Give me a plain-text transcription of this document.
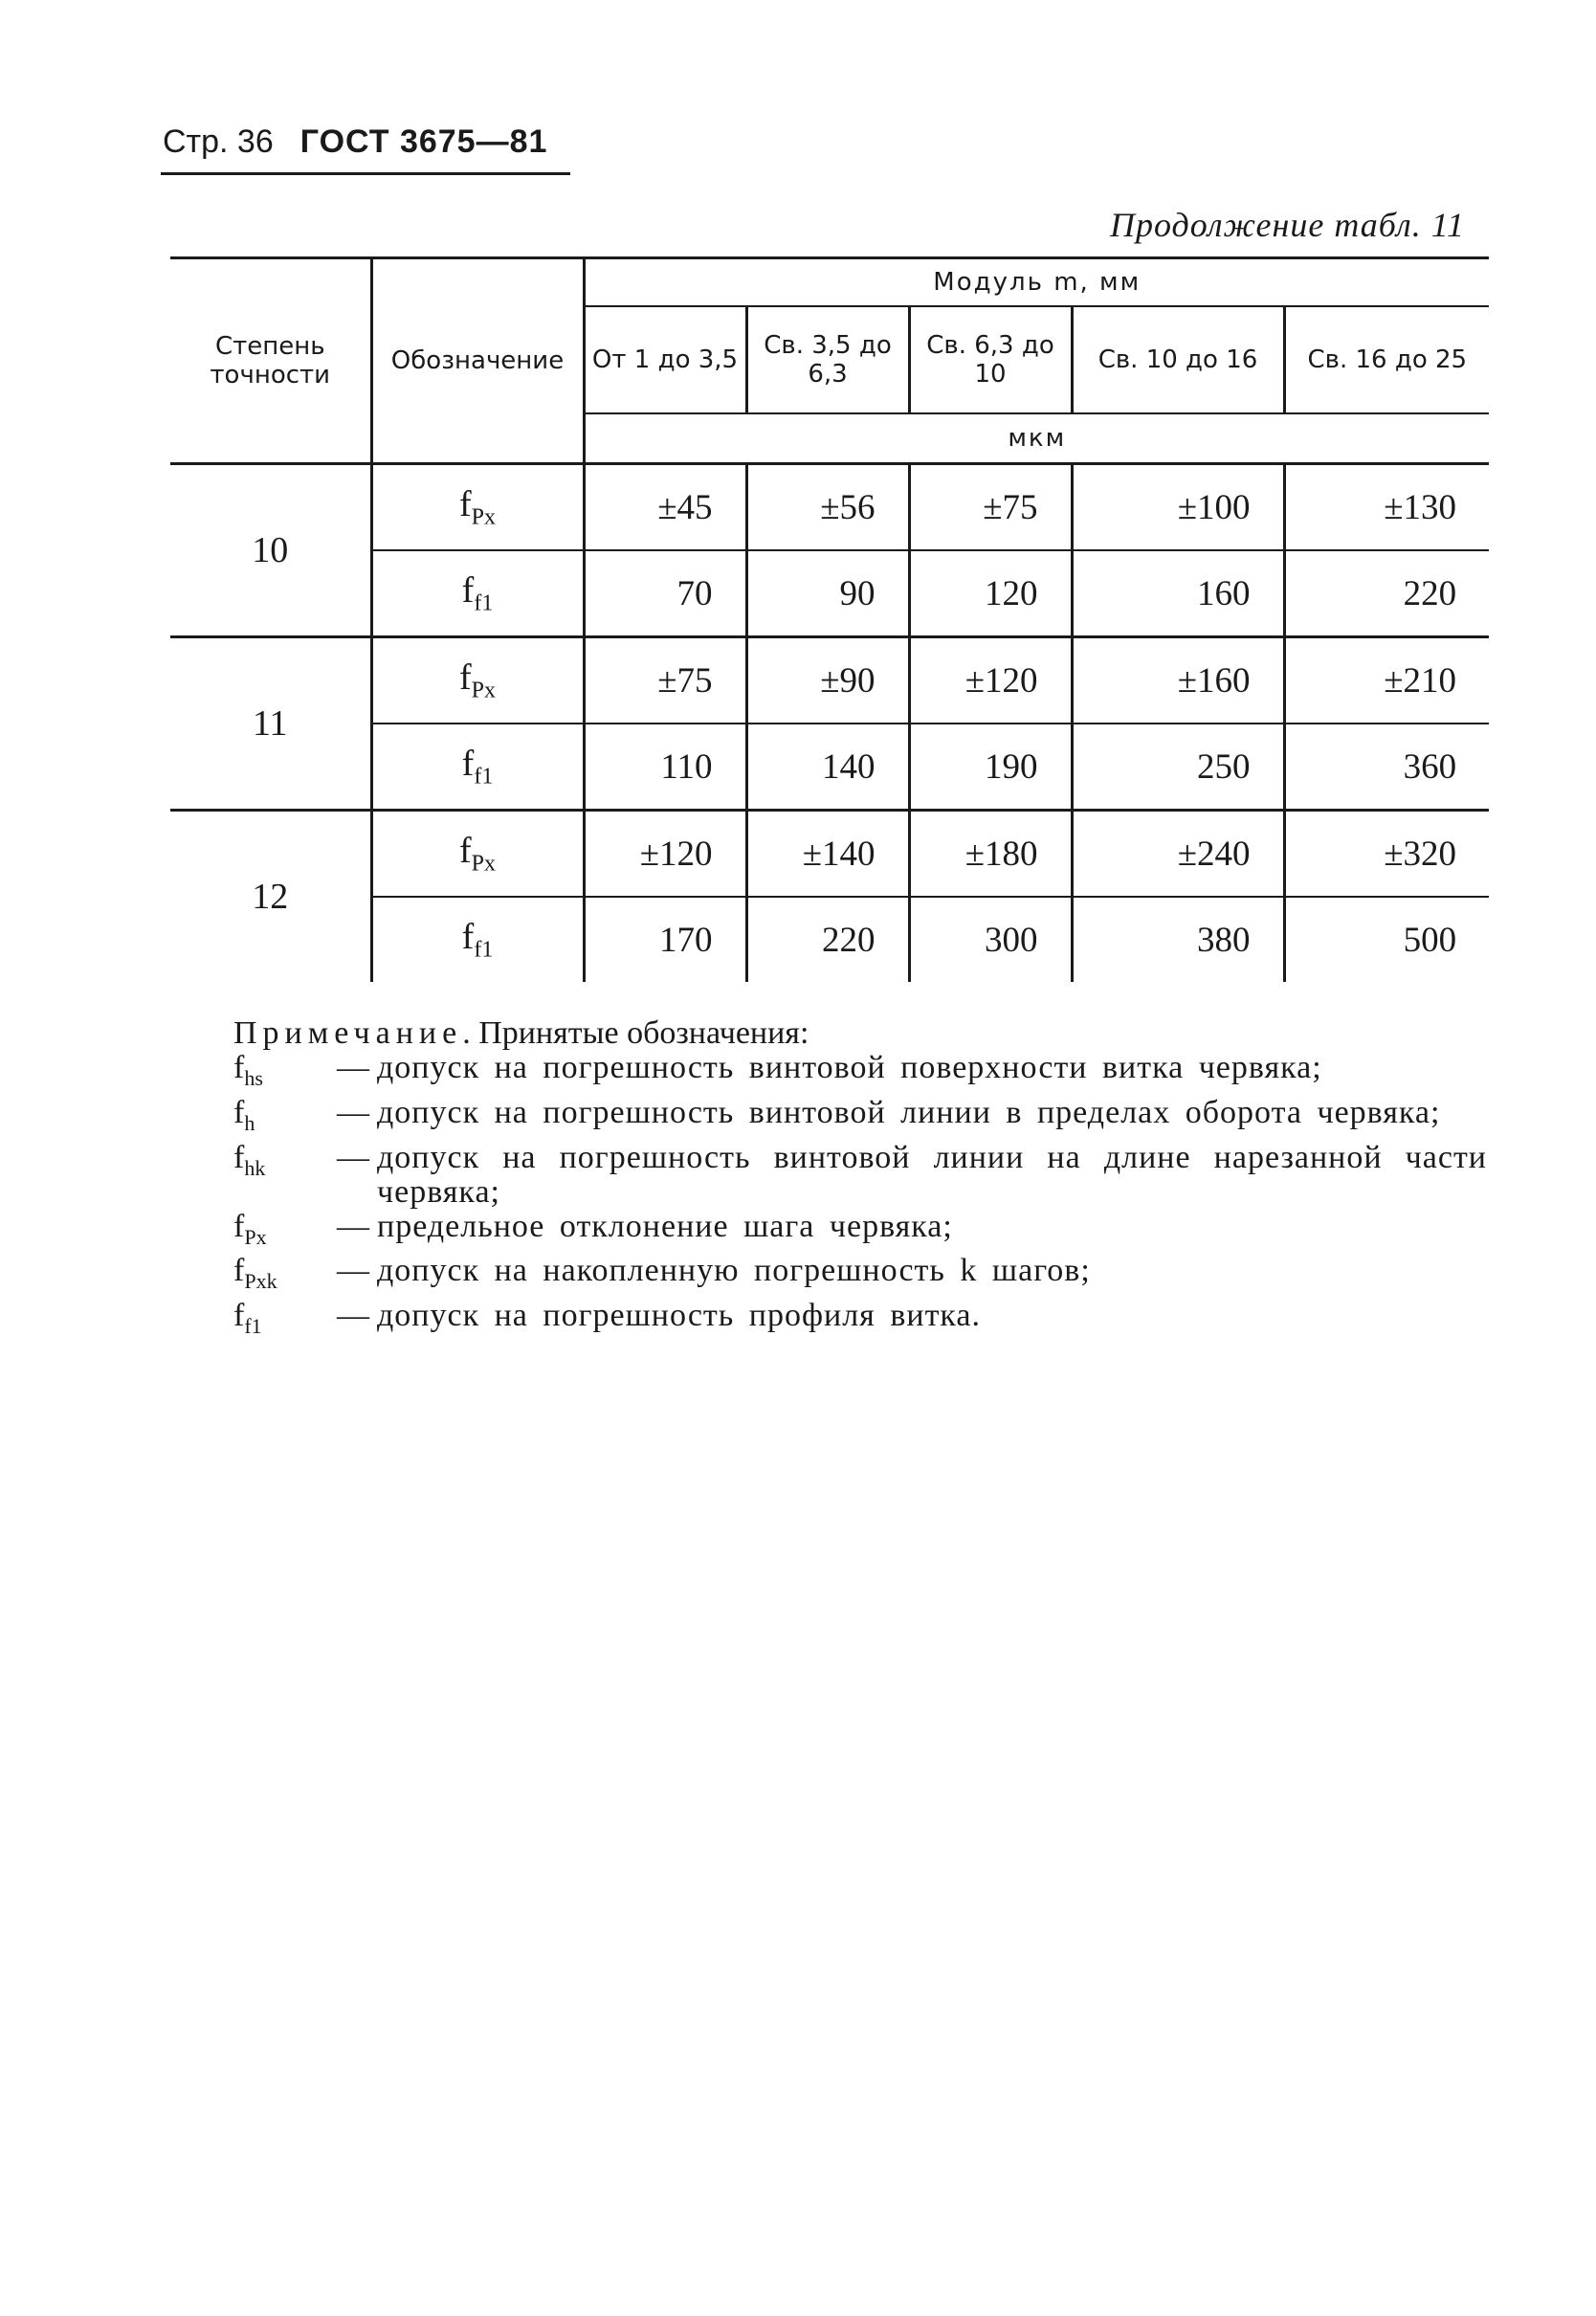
Стр. 36 ГОСТ 3675—81
Продолжение табл. 11
Степень точности	Обозначение	Модуль m, мм				
		От 1 до 3,5	Св. 3,5 до 6,3	Св. 6,3 до 10	Св. 10 до 16	Св. 16 до 25
		мкм				
10	$f_{Px}$	±45	±56	±75	±100	±130
	$f_{f1}$	70	90	120	160	220
11	$f_{Px}$	±75	±90	±120	±160	±210
	$f_{f1}$	110	140	190	250	360
12	$f_{Px}$	±120	±140	±180	±240	±320
	$f_{f1}$	170	220	300	380	500
Примечание. Принятые обозначения:
$f_{hs}$	— допуск на погрешность винтовой поверхности витка червяка;
$f_h$	— допуск на погрешность винтовой линии в пределах оборота червяка;
$f_{hk}$	— допуск на погрешность винтовой линии на длине нарезанной части червяка;
$f_{Px}$	— предельное отклонение шага червяка;
$f_{Pxk}$	— допуск на накопленную погрешность k шагов;
$f_{f1}$	— допуск на погрешность профиля витка.
